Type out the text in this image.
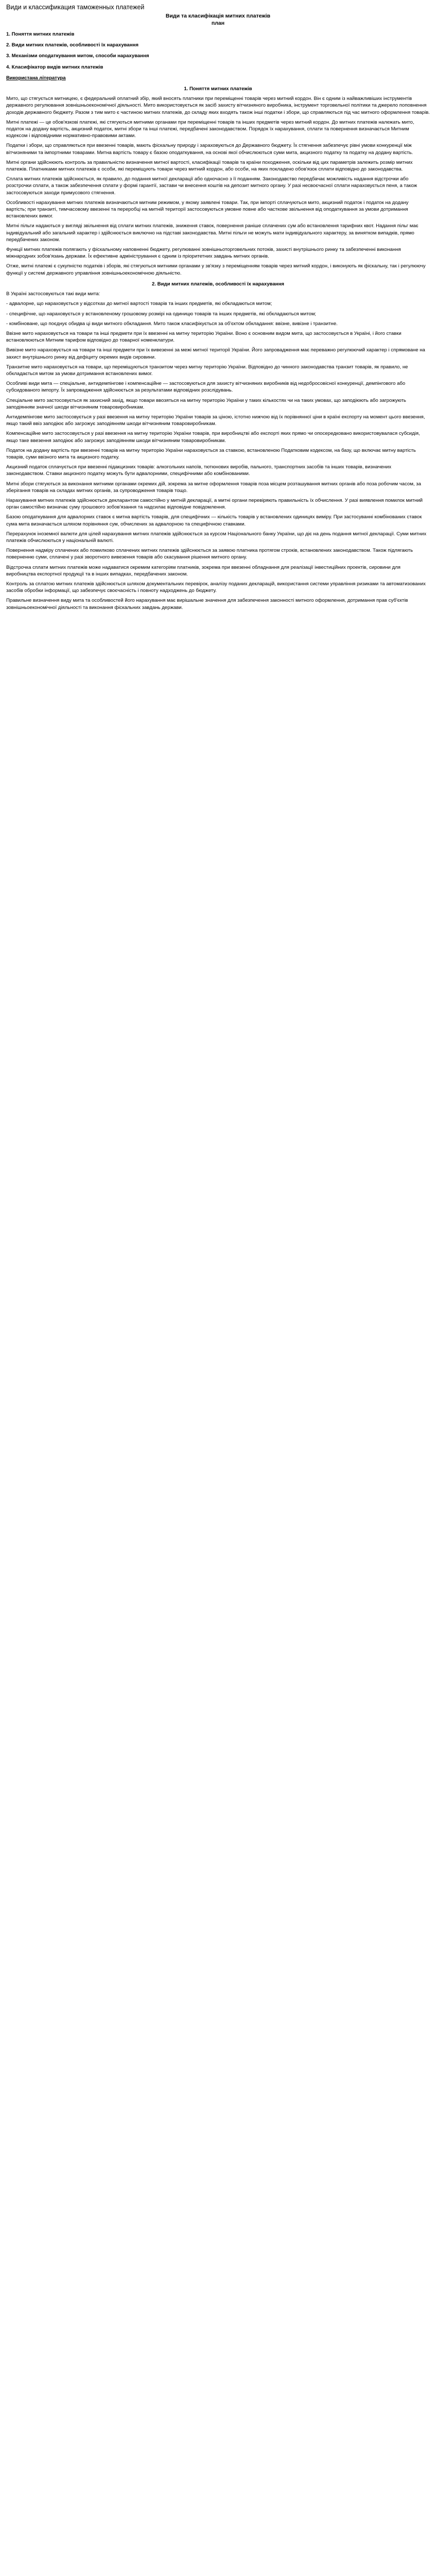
Види и классификация таможенных платежей
Види та класифікація митних платежів
план
1. Поняття митних платежів
2. Види митних платежів, особливості їх нарахування
3. Механізми оподаткування митом, способи нарахування
4. Класифікатор видів митних платежів
Використана література
1. Поняття митних платежів

Мито, що стягується митницею, є федеральний оплатний збір, який вносять платники при переміщенні товарів через митний кордон. Він є одним із найважливіших інструментів державного регулювання зовнішньоекономічної діяльності. Мито використовується як засіб захисту вітчизняного виробника, інструмент торговельної політики та джерело поповнення доходів державного бюджету. Разом з тим мито є частиною митних платежів, до складу яких входять також інші податки і збори, що справляються під час митного оформлення товарів.

Митні платежі — це обов'язкові платежі, які стягуються митними органами при переміщенні товарів та інших предметів через митний кордон. До митних платежів належать мито, податок на додану вартість, акцизний податок, митні збори та інші платежі, передбачені законодавством. Порядок їх нарахування, сплати та повернення визначається Митним кодексом і відповідними нормативно-правовими актами.

Податки і збори, що справляються при ввезенні товарів, мають фіскальну природу і зараховуються до Державного бюджету. Їх стягнення забезпечує рівні умови конкуренції між вітчизняними та імпортними товарами. Митна вартість товару є базою оподаткування, на основі якої обчислюються суми мита, акцизного податку та податку на додану вартість.

Митні органи здійснюють контроль за правильністю визначення митної вартості, класифікації товарів та країни походження, оскільки від цих параметрів залежить розмір митних платежів. Платниками митних платежів є особи, які переміщують товари через митний кордон, або особи, на яких покладено обов'язок сплати відповідно до законодавства.

Сплата митних платежів здійснюється, як правило, до подання митної декларації або одночасно з її поданням. Законодавство передбачає можливість надання відстрочки або розстрочки сплати, а також забезпечення сплати у формі гарантії, застави чи внесення коштів на депозит митного органу. У разі несвоєчасної сплати нараховується пеня, а також застосовуються заходи примусового стягнення.

Особливості нарахування митних платежів визначаються митним режимом, у якому заявлені товари. Так, при імпорті сплачуються мито, акцизний податок і податок на додану вартість; при транзиті, тимчасовому ввезенні та переробці на митній території застосовуються умовне повне або часткове звільнення від оподаткування за умови дотримання встановлених вимог.

Митні пільги надаються у вигляді звільнення від сплати митних платежів, зниження ставок, повернення раніше сплачених сум або встановлення тарифних квот. Надання пільг має індивідуальний або загальний характер і здійснюється виключно на підставі законодавства. Митні пільги не можуть мати індивідуального характеру, за винятком випадків, прямо передбачених законом.

Функції митних платежів полягають у фіскальному наповненні бюджету, регулюванні зовнішньоторговельних потоків, захисті внутрішнього ринку та забезпеченні виконання міжнародних зобов'язань держави. Їх ефективне адміністрування є одним із пріоритетних завдань митних органів.

Отже, митні платежі є сукупністю податків і зборів, які стягуються митними органами у зв'язку з переміщенням товарів через митний кордон, і виконують як фіскальну, так і регулюючу функції у системі державного управління зовнішньоекономічною діяльністю.

2. Види митних платежів, особливості їх нарахування

В Україні застосовуються такі види мита:

- адвалорне, що нараховується у відсотках до митної вартості товарів та інших предметів, які обкладаються митом;

- специфічне, що нараховується у встановленому грошовому розмірі на одиницю товарів та інших предметів, які обкладаються митом;

- комбіноване, що поєднує обидва ці види митного обкладання. Мито також класифікується за об'єктом обкладання: ввізне, вивізне і транзитне.

Ввізне мито нараховується на товари та інші предмети при їх ввезенні на митну територію України. Воно є основним видом мита, що застосовується в Україні, і його ставки встановлюються Митним тарифом відповідно до товарної номенклатури.

Вивізне мито нараховується на товари та інші предмети при їх вивезенні за межі митної території України. Його запровадження має переважно регулюючий характер і спрямоване на захист внутрішнього ринку від дефіциту окремих видів сировини.

Транзитне мито нараховується на товари, що переміщуються транзитом через митну територію України. Відповідно до чинного законодавства транзит товарів, як правило, не обкладається митом за умови дотримання встановлених вимог.

Особливі види мита — спеціальне, антидемпінгове і компенсаційне — застосовуються для захисту вітчизняних виробників від недобросовісної конкуренції, демпінгового або субсидованого імпорту. Їх запровадження здійснюється за результатами відповідних розслідувань.

Спеціальне мито застосовується як захисний захід, якщо товари ввозяться на митну територію України у таких кількостях чи на таких умовах, що заподіюють або загрожують заподіянням значної шкоди вітчизняним товаровиробникам.

Антидемпінгове мито застосовується у разі ввезення на митну територію України товарів за ціною, істотно нижчою від їх порівнянної ціни в країні експорту на момент цього ввезення, якщо такий ввіз заподіює або загрожує заподіянням шкоди вітчизняним товаровиробникам.

Компенсаційне мито застосовується у разі ввезення на митну територію України товарів, при виробництві або експорті яких прямо чи опосередковано використовувалася субсидія, якщо таке ввезення заподіює або загрожує заподіянням шкоди вітчизняним товаровиробникам.

Податок на додану вартість при ввезенні товарів на митну територію України нараховується за ставкою, встановленою Податковим кодексом, на базу, що включає митну вартість товарів, суми ввізного мита та акцизного податку.

Акцизний податок сплачується при ввезенні підакцизних товарів: алкогольних напоїв, тютюнових виробів, пального, транспортних засобів та інших товарів, визначених законодавством. Ставки акцизного податку можуть бути адвалорними, специфічними або комбінованими.

Митні збори стягуються за виконання митними органами окремих дій, зокрема за митне оформлення товарів поза місцем розташування митних органів або поза робочим часом, за зберігання товарів на складах митних органів, за супроводження товарів тощо.

Нарахування митних платежів здійснюється декларантом самостійно у митній декларації, а митні органи перевіряють правильність їх обчислення. У разі виявлення помилок митний орган самостійно визначає суму грошового зобов'язання та надсилає відповідне повідомлення.

Базою оподаткування для адвалорних ставок є митна вартість товарів, для специфічних — кількість товарів у встановлених одиницях виміру. При застосуванні комбінованих ставок сума мита визначається шляхом порівняння сум, обчислених за адвалорною та специфічною ставками.

Перерахунок іноземної валюти для цілей нарахування митних платежів здійснюється за курсом Національного банку України, що діє на день подання митної декларації. Суми митних платежів обчислюються у національній валюті.

Повернення надміру сплачених або помилково сплачених митних платежів здійснюється за заявою платника протягом строків, встановлених законодавством. Також підлягають поверненню суми, сплачені у разі зворотного вивезення товарів або скасування рішення митного органу.

Відстрочка сплати митних платежів може надаватися окремим категоріям платників, зокрема при ввезенні обладнання для реалізації інвестиційних проектів, сировини для виробництва експортної продукції та в інших випадках, передбачених законом.

Контроль за сплатою митних платежів здійснюється шляхом документальних перевірок, аналізу поданих декларацій, використання системи управління ризиками та автоматизованих засобів обробки інформації, що забезпечує своєчасність і повноту надходжень до бюджету.

Правильне визначення виду мита та особливостей його нарахування має вирішальне значення для забезпечення законності митного оформлення, дотримання прав суб'єктів зовнішньоекономічної діяльності та виконання фіскальних завдань держави.
